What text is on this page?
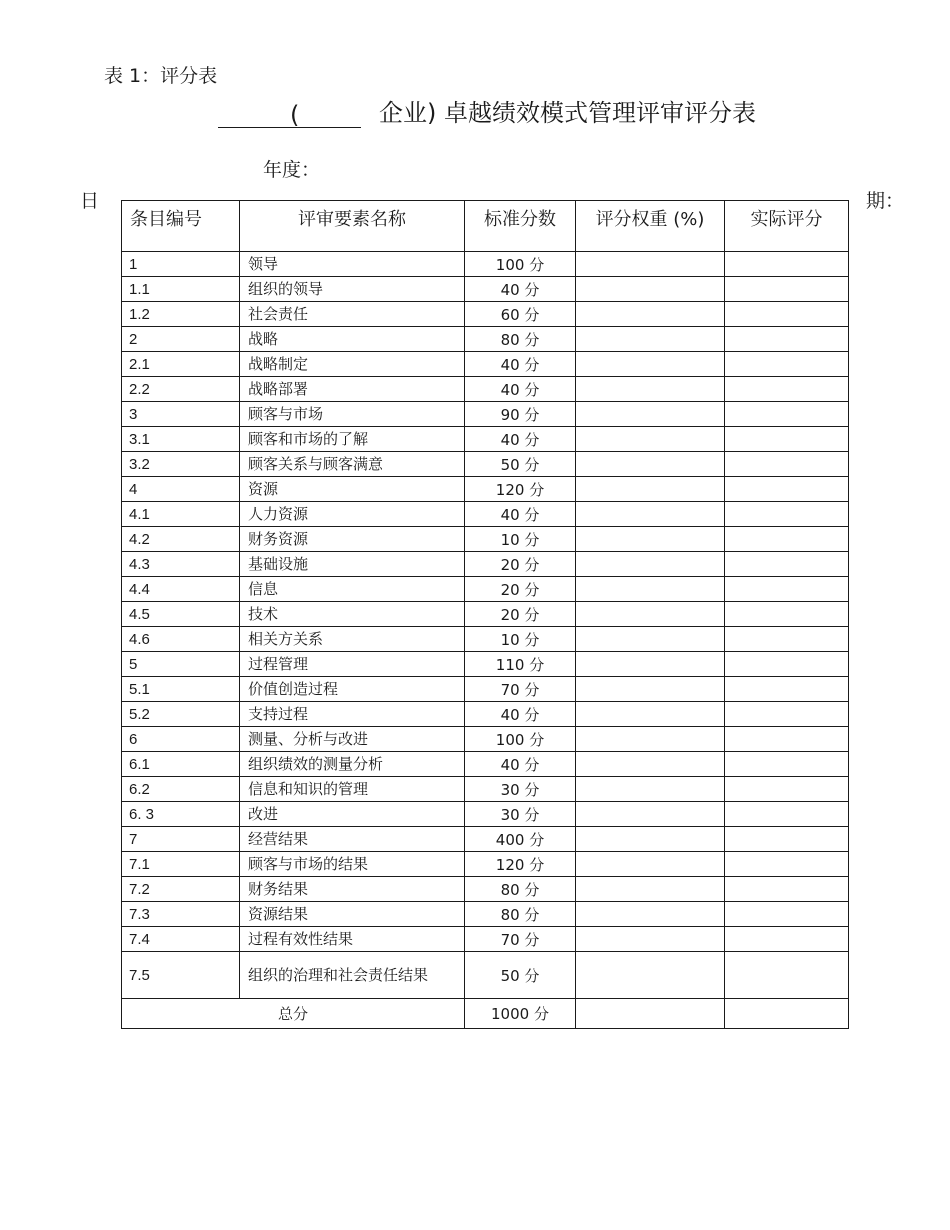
表 1：评分表
(	企业) 卓越绩效模式管理评审评分表
年度：
日	期：
条目编号	评审要素名称	标准分数	评分权重 (%)	实际评分
1	领导	100 分		
1.1	组织的领导	40 分		
1.2	社会责任	60 分		
2	战略	80 分		
2.1	战略制定	40 分		
2.2	战略部署	40 分		
3	顾客与市场	90 分		
3.1	顾客和市场的了解	40 分		
3.2	顾客关系与顾客满意	50 分		
4	资源	120 分		
4.1	人力资源	40 分		
4.2	财务资源	10 分		
4.3	基础设施	20 分		
4.4	信息	20 分		
4.5	技术	20 分		
4.6	相关方关系	10 分		
5	过程管理	110 分		
5.1	价值创造过程	70 分		
5.2	支持过程	40 分		
6	测量、分析与改进	100 分		
6.1	组织绩效的测量分析	40 分		
6.2	信息和知识的管理	30 分		
6. 3	改进	30 分		
7	经营结果	400 分		
7.1	顾客与市场的结果	120 分		
7.2	财务结果	80 分		
7.3	资源结果	80 分		
7.4	过程有效性结果	70 分		
7.5	组织的治理和社会责任结果	50 分		
总分		1000 分		
